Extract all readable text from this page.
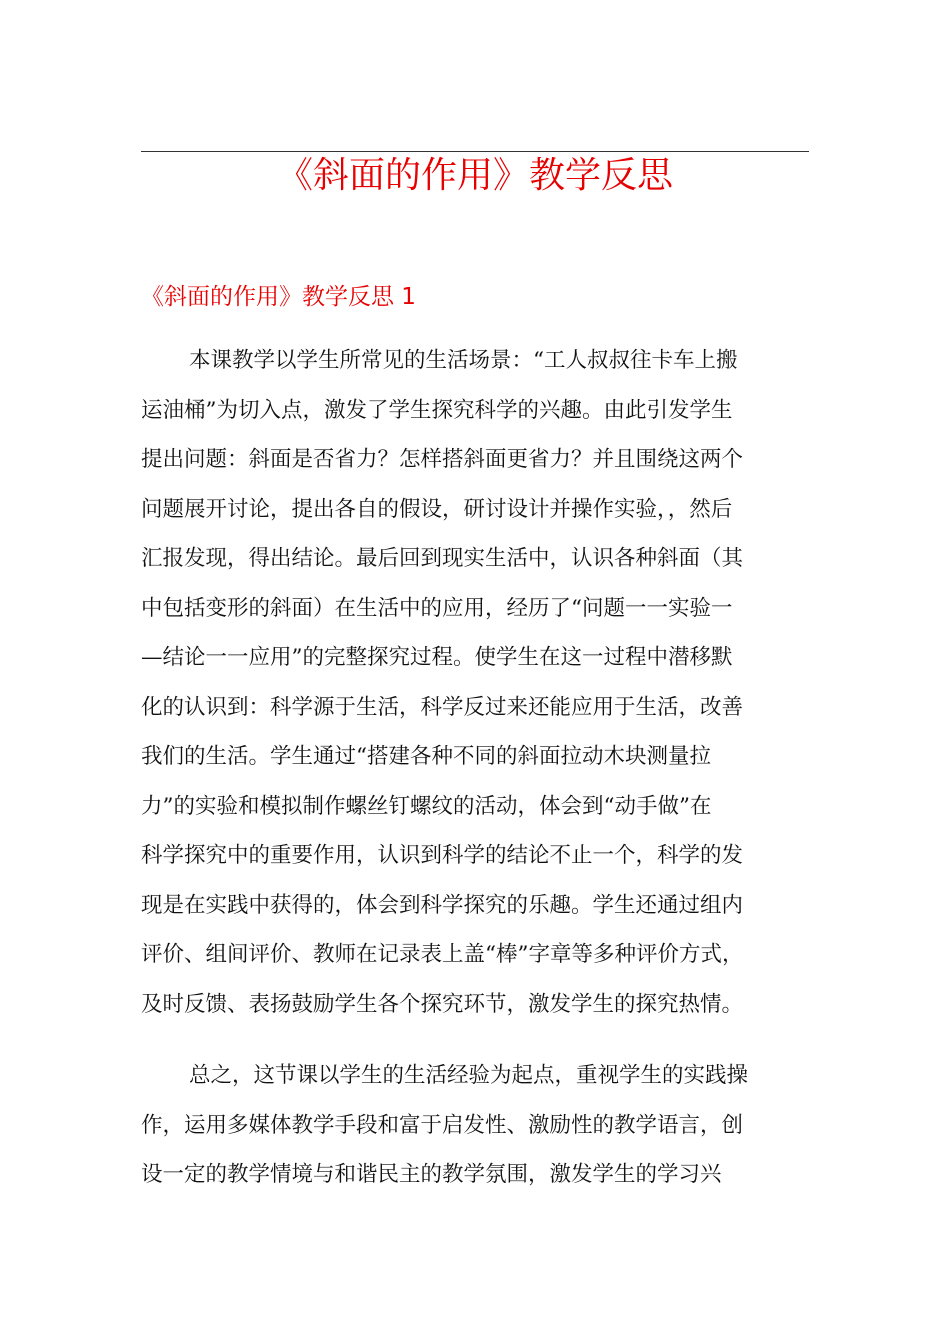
《斜面的作用》教学反思
《斜面的作用》教学反思 1
本课教学以学生所常见的生活场景：“工人叔叔往卡车上搬
运油桶”为切入点，激发了学生探究科学的兴趣。由此引发学生
提出问题：斜面是否省力？怎样搭斜面更省力？并且围绕这两个
问题展开讨论，提出各自的假设，研讨设计并操作实验，，然后
汇报发现，得出结论。最后回到现实生活中，认识各种斜面（其
中包括变形的斜面）在生活中的应用，经历了“问题一一实验一
—结论一一应用”的完整探究过程。使学生在这一过程中潜移默
化的认识到：科学源于生活，科学反过来还能应用于生活，改善
我们的生活。学生通过“搭建各种不同的斜面拉动木块测量拉
力”的实验和模拟制作螺丝钉螺纹的活动，体会到“动手做”在
科学探究中的重要作用，认识到科学的结论不止一个，科学的发
现是在实践中获得的，体会到科学探究的乐趣。学生还通过组内
评价、组间评价、教师在记录表上盖“棒”字章等多种评价方式，
及时反馈、表扬鼓励学生各个探究环节，激发学生的探究热情。
总之，这节课以学生的生活经验为起点，重视学生的实践操
作，运用多媒体教学手段和富于启发性、激励性的教学语言，创
设一定的教学情境与和谐民主的教学氛围，激发学生的学习兴
